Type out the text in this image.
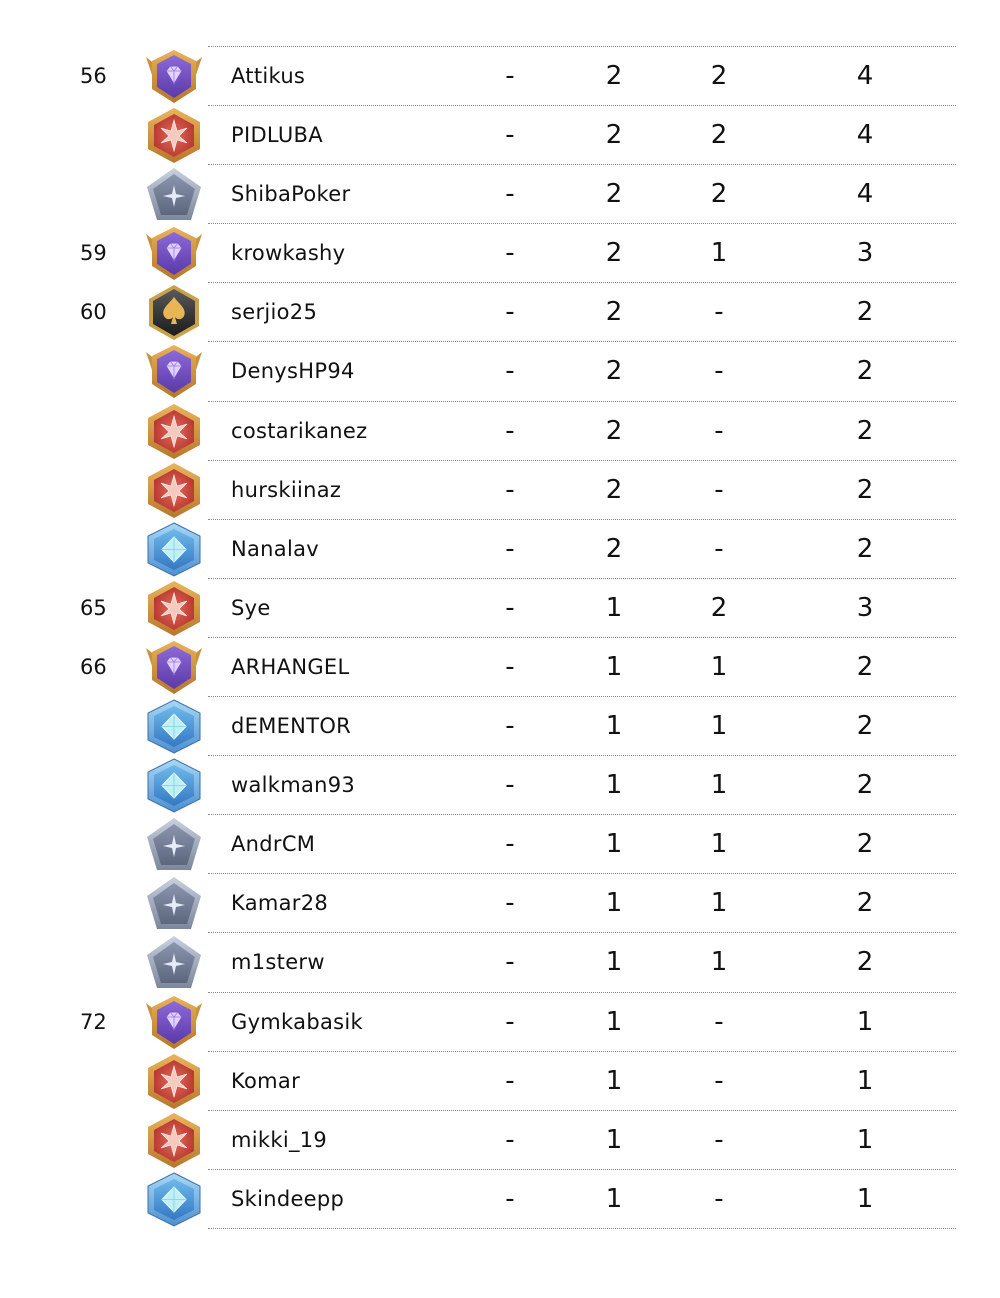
56	Attikus	-	2	2	4
PIDLUBA	-	2	2	4
ShibaPoker	-	2	2	4
59	krowkashy	-	2	1	3
60	serjio25	-	2	-	2
DenysHP94	-	2	-	2
costarikanez	-	2	-	2
hurskiinaz	-	2	-	2
Nanalav	-	2	-	2
65	Sye	-	1	2	3
66	ARHANGEL	-	1	1	2
dEMENTOR	-	1	1	2
walkman93	-	1	1	2
AndrCM	-	1	1	2
Kamar28	-	1	1	2
m1sterw	-	1	1	2
72	Gymkabasik	-	1	-	1
Komar	-	1	-	1
mikki_19	-	1	-	1
Skindeepp	-	1	-	1
